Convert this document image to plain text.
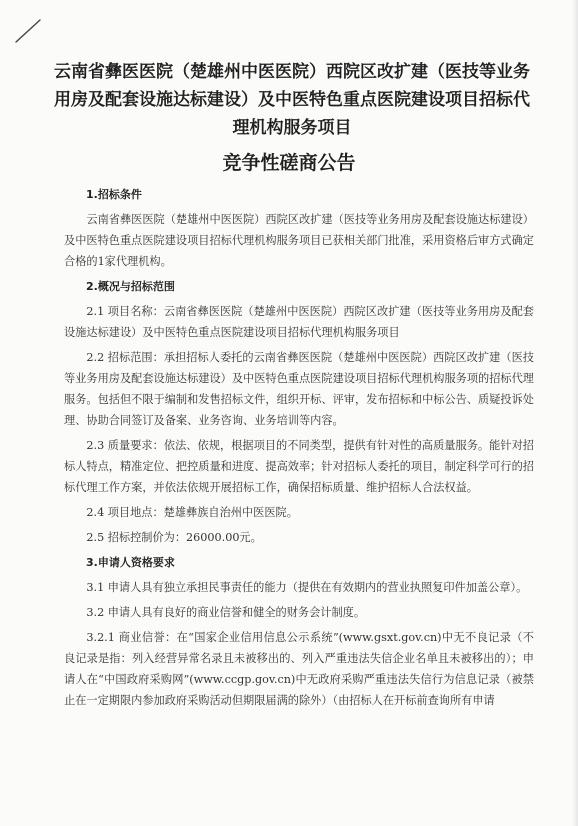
云南省彝医医院（楚雄州中医医院）西院区改扩建（医技等业务用房及配套设施达标建设）及中医特色重点医院建设项目招标代理机构服务项目
竞争性磋商公告
1.招标条件

云南省彝医医院（楚雄州中医医院）西院区改扩建（医技等业务用房及配套设施达标建设）及中医特色重点医院建设项目招标代理机构服务项目已获相关部门批准，采用资格后审方式确定合格的1家代理机构。

2.概况与招标范围

2.1 项目名称：云南省彝医医院（楚雄州中医医院）西院区改扩建（医技等业务用房及配套设施达标建设）及中医特色重点医院建设项目招标代理机构服务项目

2.2 招标范围：承担招标人委托的云南省彝医医院（楚雄州中医医院）西院区改扩建（医技等业务用房及配套设施达标建设）及中医特色重点医院建设项目招标代理机构服务项的招标代理服务。包括但不限于编制和发售招标文件，组织开标、评审，发布招标和中标公告、质疑投诉处理、协助合同签订及备案、业务咨询、业务培训等内容。

2.3 质量要求：依法、依规，根据项目的不同类型，提供有针对性的高质量服务。能针对招标人特点，精准定位、把控质量和进度、提高效率；针对招标人委托的项目，制定科学可行的招标代理工作方案，并依法依规开展招标工作，确保招标质量、维护招标人合法权益。

2.4 项目地点：楚雄彝族自治州中医医院。

2.5 招标控制价为：26000.00元。

3.申请人资格要求

3.1 申请人具有独立承担民事责任的能力（提供在有效期内的营业执照复印件加盖公章）。

3.2 申请人具有良好的商业信誉和健全的财务会计制度。

3.2.1 商业信誉：在“国家企业信用信息公示系统”(www.gsxt.gov.cn)中无不良记录（不良记录是指：列入经营异常名录且未被移出的、列入严重违法失信企业名单且未被移出的）；申请人在“中国政府采购网”(www.ccgp.gov.cn)中无政府采购严重违法失信行为信息记录（被禁止在一定期限内参加政府采购活动但期限届满的除外）（由招标人在开标前查询所有申请
